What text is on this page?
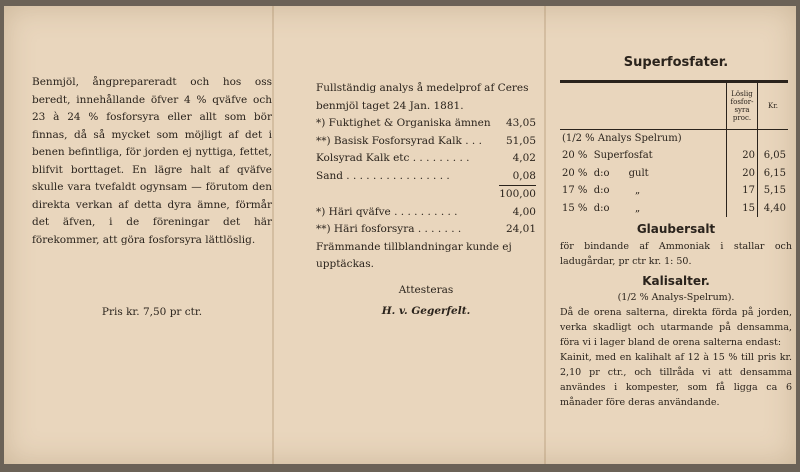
Benmjöl, ångprepareradt och hos oss beredt, innehållande öfver 4 % qväfve och 23 à 24 % fosforsyra eller allt som bör finnas, då så mycket som möjligt af det i benen befintliga, för jorden ej nyttiga, fettet, blifvit borttaget. En lägre halt af qväfve skulle vara tvefaldt ogynsam — förutom den direkta verkan af detta dyra ämne, förmår det äfven, i de föreningar det här förekommer, att göra fosforsyra lättlöslig.
Pris kr. 7,50 pr ctr.
Fullständig analys å medelprof af Ceres benmjöl taget 24 Jan. 1881.
*) Fuktighet & Organiska ämnen 43,05
**) Basisk Fosforsyrad Kalk . . . 51,05
Kolsyrad Kalk etc . . . . . . . . .	4,02
Sand . . . . . . . . . . . . . . . .	0,08
100,00
*) Häri qväfve . . . . . . . . . .	4,00
**) Häri fosforsyra . . . . . . .	24,01
Främmande tillblandningar kunde ej upptäckas.
Attesteras
H. v. Gegerfelt.
Superfosfater.
	Löslig fosfor- syra proc.	Kr.
(1/2 % Analys Spelrum)		
20 % Superfosfat	20	6,05
20 % d:o gult	20	6,15
17 % d:o „	17	5,15
15 % d:o „	15	4,40
Glaubersalt
för bindande af Ammoniak i stallar och ladugårdar, pr ctr kr. 1: 50.
Kalisalter.
(1/2 % Analys-Spelrum).
Då de orena salterna, direkta förda på jorden, verka skadligt och utarmande på densamma, föra vi i lager bland de orena salterna endast:
Kainit, med en kalihalt af 12 à 15 % till pris kr. 2,10 pr ctr., och tillråda vi att densamma användes i kompester, som få ligga ca 6 månader före deras användande.
